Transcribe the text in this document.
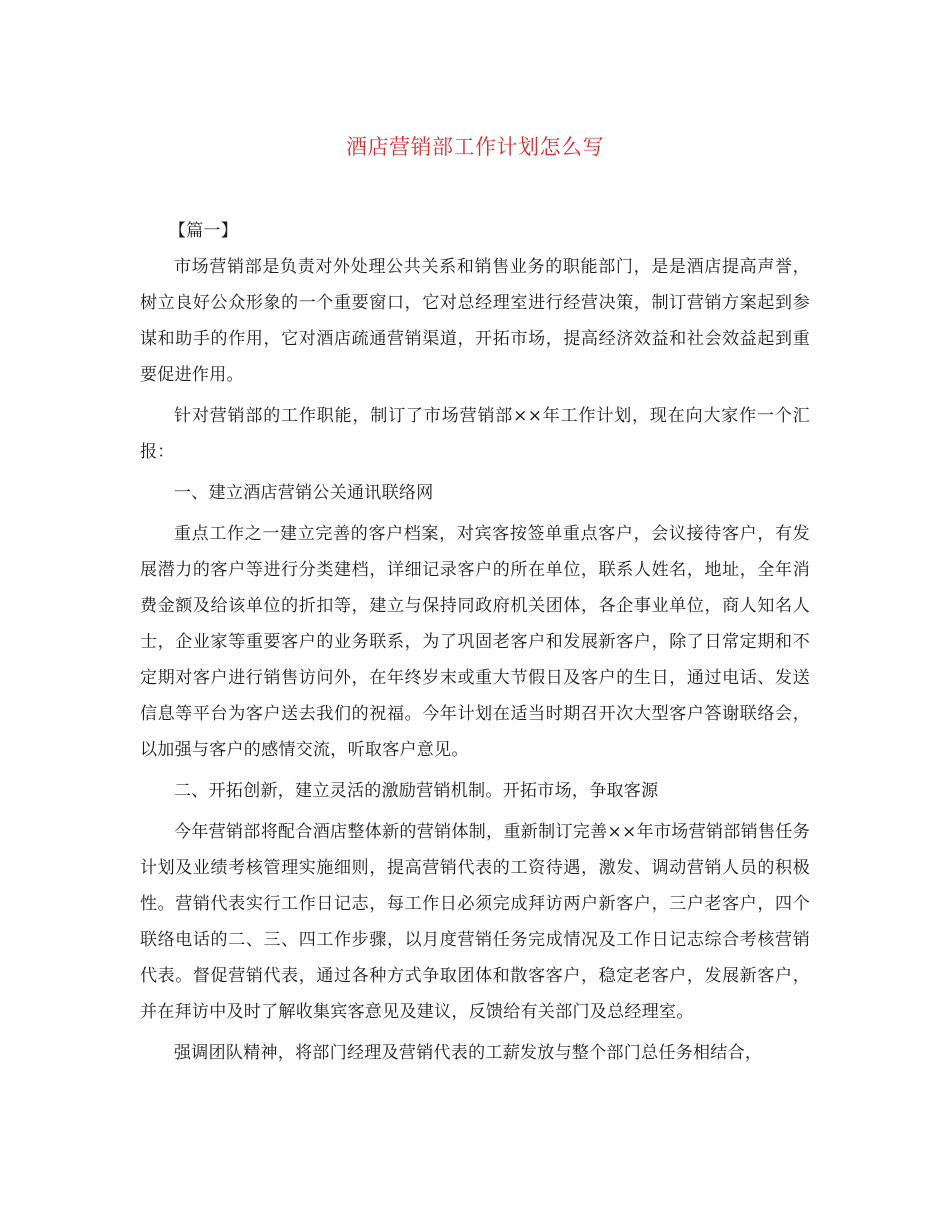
酒店营销部工作计划怎么写

【篇一】

市场营销部是负责对外处理公共关系和销售业务的职能部门，是是酒店提高声誉，树立良好公众形象的一个重要窗口，它对总经理室进行经营决策，制订营销方案起到参谋和助手的作用，它对酒店疏通营销渠道，开拓市场，提高经济效益和社会效益起到重要促进作用。

针对营销部的工作职能，制订了市场营销部××年工作计划，现在向大家作一个汇报：

一、建立酒店营销公关通讯联络网

重点工作之一建立完善的客户档案，对宾客按签单重点客户，会议接待客户，有发展潜力的客户等进行分类建档，详细记录客户的所在单位，联系人姓名，地址，全年消费金额及给该单位的折扣等，建立与保持同政府机关团体，各企事业单位，商人知名人士，企业家等重要客户的业务联系，为了巩固老客户和发展新客户，除了日常定期和不定期对客户进行销售访问外，在年终岁末或重大节假日及客户的生日，通过电话、发送信息等平台为客户送去我们的祝福。今年计划在适当时期召开次大型客户答谢联络会，以加强与客户的感情交流，听取客户意见。

二、开拓创新，建立灵活的激励营销机制。开拓市场，争取客源

今年营销部将配合酒店整体新的营销体制，重新制订完善××年市场营销部销售任务计划及业绩考核管理实施细则，提高营销代表的工资待遇，激发、调动营销人员的积极性。营销代表实行工作日记志，每工作日必须完成拜访两户新客户，三户老客户，四个联络电话的二、三、四工作步骤，以月度营销任务完成情况及工作日记志综合考核营销代表。督促营销代表，通过各种方式争取团体和散客客户，稳定老客户，发展新客户，并在拜访中及时了解收集宾客意见及建议，反馈给有关部门及总经理室。

强调团队精神，将部门经理及营销代表的工薪发放与整个部门总任务相结合，
